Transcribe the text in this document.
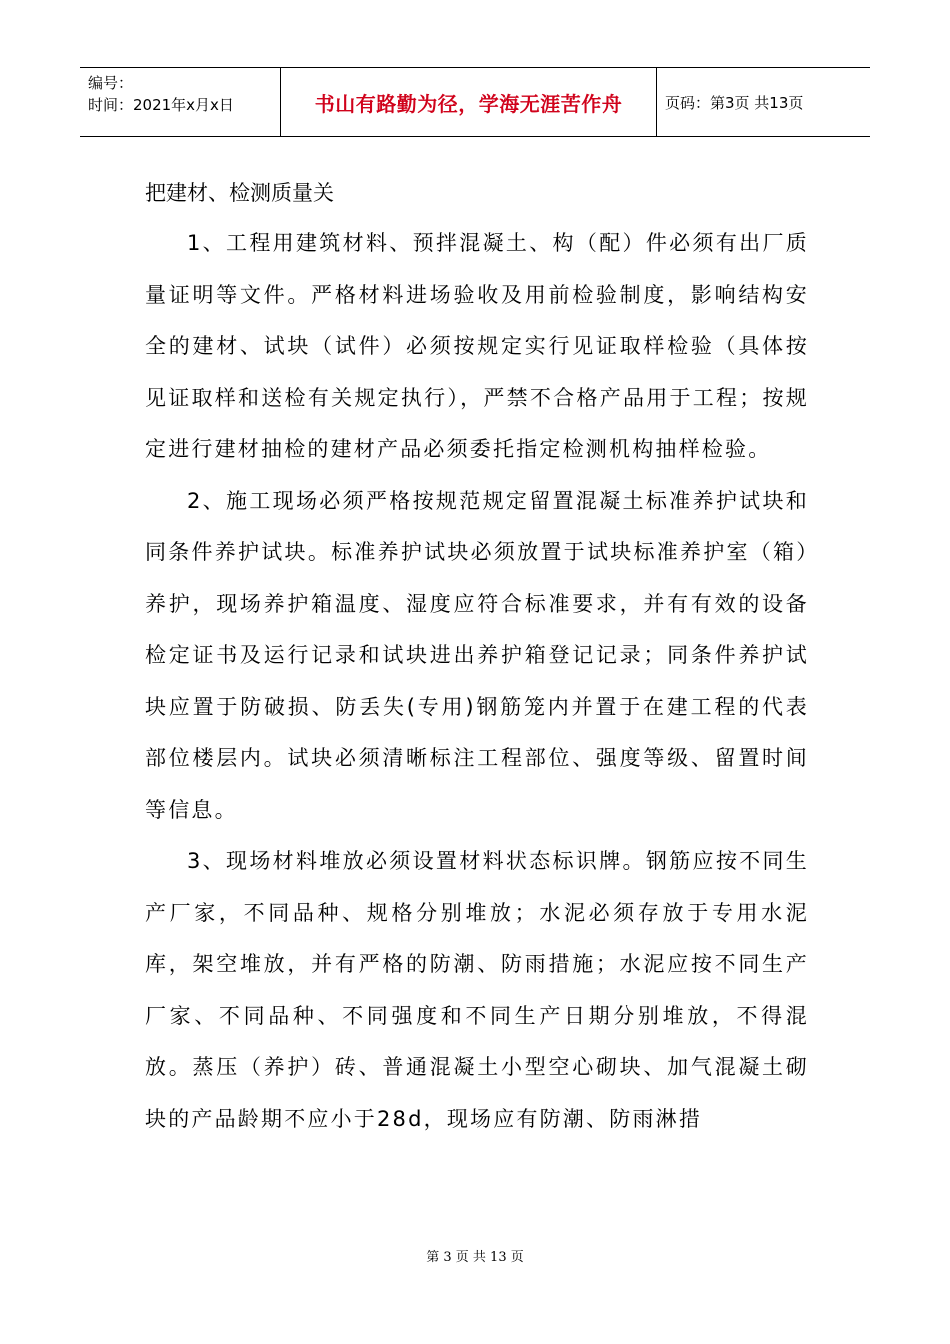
编号：
时间：2021年x月x日	书山有路勤为径，学海无涯苦作舟	页码：第3页 共13页
把建材、检测质量关

1、工程用建筑材料、预拌混凝土、构（配）件必须有出厂质量证明等文件。严格材料进场验收及用前检验制度，影响结构安全的建材、试块（试件）必须按规定实行见证取样检验（具体按见证取样和送检有关规定执行），严禁不合格产品用于工程；按规定进行建材抽检的建材产品必须委托指定检测机构抽样检验。

2、施工现场必须严格按规范规定留置混凝土标准养护试块和同条件养护试块。标准养护试块必须放置于试块标准养护室（箱）养护，现场养护箱温度、湿度应符合标准要求，并有有效的设备检定证书及运行记录和试块进出养护箱登记记录；同条件养护试块应置于防破损、防丢失(专用)钢筋笼内并置于在建工程的代表部位楼层内。试块必须清晰标注工程部位、强度等级、留置时间等信息。

3、现场材料堆放必须设置材料状态标识牌。钢筋应按不同生产厂家，不同品种、规格分别堆放；水泥必须存放于专用水泥库，架空堆放，并有严格的防潮、防雨措施；水泥应按不同生产厂家、不同品种、不同强度和不同生产日期分别堆放，不得混放。蒸压（养护）砖、普通混凝土小型空心砌块、加气混凝土砌块的产品龄期不应小于28d，现场应有防潮、防雨淋措

第 3 页 共 13 页
